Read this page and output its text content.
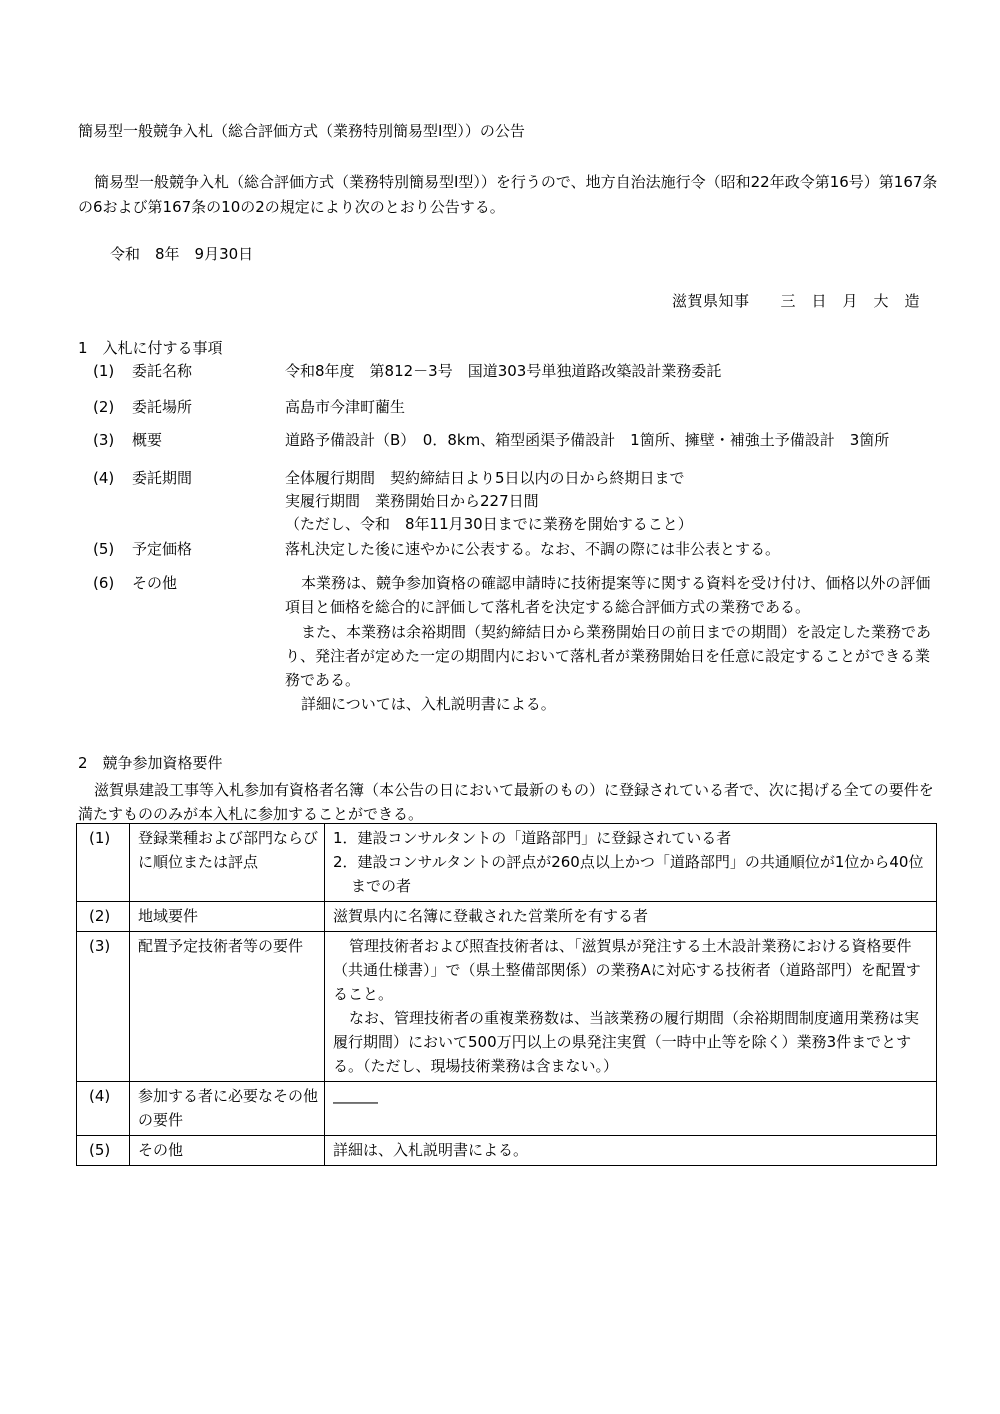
簡易型一般競争入札（総合評価方式（業務特別簡易型Ⅰ型））の公告
簡易型一般競争入札（総合評価方式（業務特別簡易型Ⅰ型））を行うので、地方自治法施行令（昭和22年政令第16号）第167条の6および第167条の10の2の規定により次のとおり公告する。
令和　8年　9月30日
滋賀県知事　　三　日　月　大　造
1　入札に付する事項
(1) 委託名称	令和8年度　第812－3号　国道303号単独道路改築設計業務委託
(2) 委託場所	高島市今津町藺生
(3) 概要	道路予備設計（B）　0．8km、箱型函渠予備設計　1箇所、擁壁・補強土予備設計　3箇所
(4) 委託期間	全体履行期間　契約締結日より5日以内の日から終期日まで
実履行期間　業務開始日から227日間
（ただし、令和　8年11月30日までに業務を開始すること）
(5) 予定価格	落札決定した後に速やかに公表する。なお、不調の際には非公表とする。
(6) その他	本業務は、競争参加資格の確認申請時に技術提案等に関する資料を受け付け、価格以外の評価項目と価格を総合的に評価して落札者を決定する総合評価方式の業務である。
また、本業務は余裕期間（契約締結日から業務開始日の前日までの期間）を設定した業務であり、発注者が定めた一定の期間内において落札者が業務開始日を任意に設定することができる業務である。
詳細については、入札説明書による。
2　競争参加資格要件
滋賀県建設工事等入札参加有資格者名簿（本公告の日において最新のもの）に登録されている者で、次に掲げる全ての要件を満たすもののみが本入札に参加することができる。
(1)	登録業種および部門ならびに順位または評点	1．建設コンサルタントの「道路部門」に登録されている者
2．建設コンサルタントの評点が260点以上かつ「道路部門」の共通順位が1位から40位までの者

(2)	地域要件	滋賀県内に名簿に登載された営業所を有する者
(3)	配置予定技術者等の要件	管理技術者および照査技術者は、「滋賀県が発注する土木設計業務における資格要件（共通仕様書）」で（県土整備部関係）の業務Aに対応する技術者（道路部門）を配置すること。
なお、管理技術者の重複業務数は、当該業務の履行期間（余裕期間制度適用業務は実履行期間）において500万円以上の県発注実質（一時中止等を除く）業務3件までとする。（ただし、現場技術業務は含まない。）

(4)	参加する者に必要なその他の要件	―――
(5)	その他	詳細は、入札説明書による。
